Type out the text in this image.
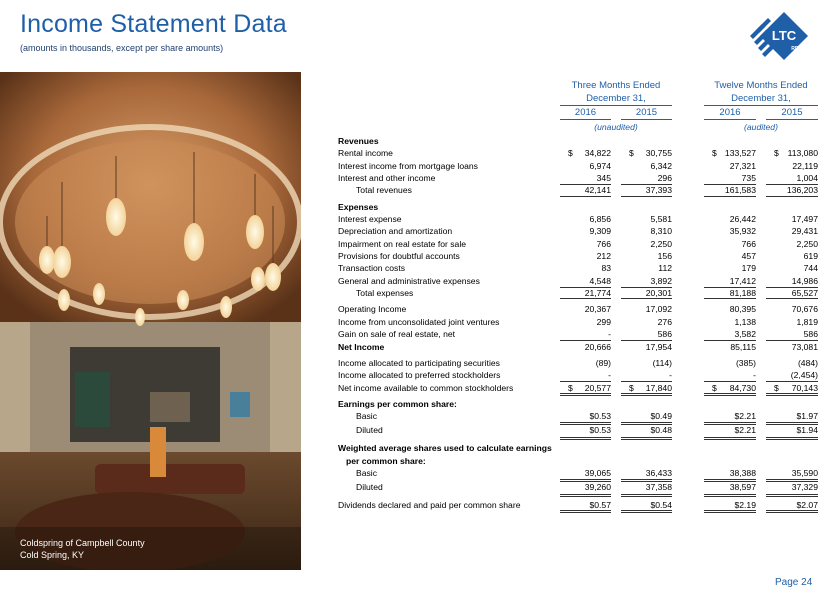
Income Statement Data
(amounts in thousands, except per share amounts)
LTC
REIT
Coldspring of Campbell County
Cold Spring, KY
Three Months Ended	Twelve Months Ended
December 31,	December 31,
2016	2015	2016	2015
(unaudited)	(audited)
Revenues
Rental income	$	34,822 $	30,755	$ 133,527 $	113,080
Interest income from mortgage loans	6,974	6,342	27,321	22,119
Interest and other income	345	296	735	1,004
Total revenues	42,141	37,393	161,583	136,203
Expenses
Interest expense	6,856	5,581	26,442	17,497
Depreciation and amortization	9,309	8,310	35,932	29,431
Impairment on real estate for sale	766	2,250	766	2,250
Provisions for doubtful accounts	212	156	457	619
Transaction costs	83	112	179	744
General and administrative expenses	4,548	3,892	17,412	14,986
Total expenses	21,774	20,301	81,188	65,527
Operating Income	20,367	17,092	80,395	70,676
Income from unconsolidated joint ventures	299	276	1,138	1,819
Gain on sale of real estate, net	-	586	3,582	586
Net Income	20,666	17,954	85,115	73,081
Income allocated to participating securities	(89)	(114)	(385)	(484)
Income allocated to preferred stockholders	-	-	-	(2,454)
Net income available to common stockholders	$	20,577 $	17,840	$	84,730 $	70,143
Earnings per common share:
Basic	$0.53	$0.49	$2.21	$1.97
Diluted	$0.53	$0.48	$2.21	$1.94
Weighted average shares used to calculate earnings
per common share:
Basic	39,065	36,433	38,388	35,590
Diluted	39,260	37,358	38,597	37,329
Dividends declared and paid per common share	$0.57	$0.54	$2.19	$2.07
Page 24
